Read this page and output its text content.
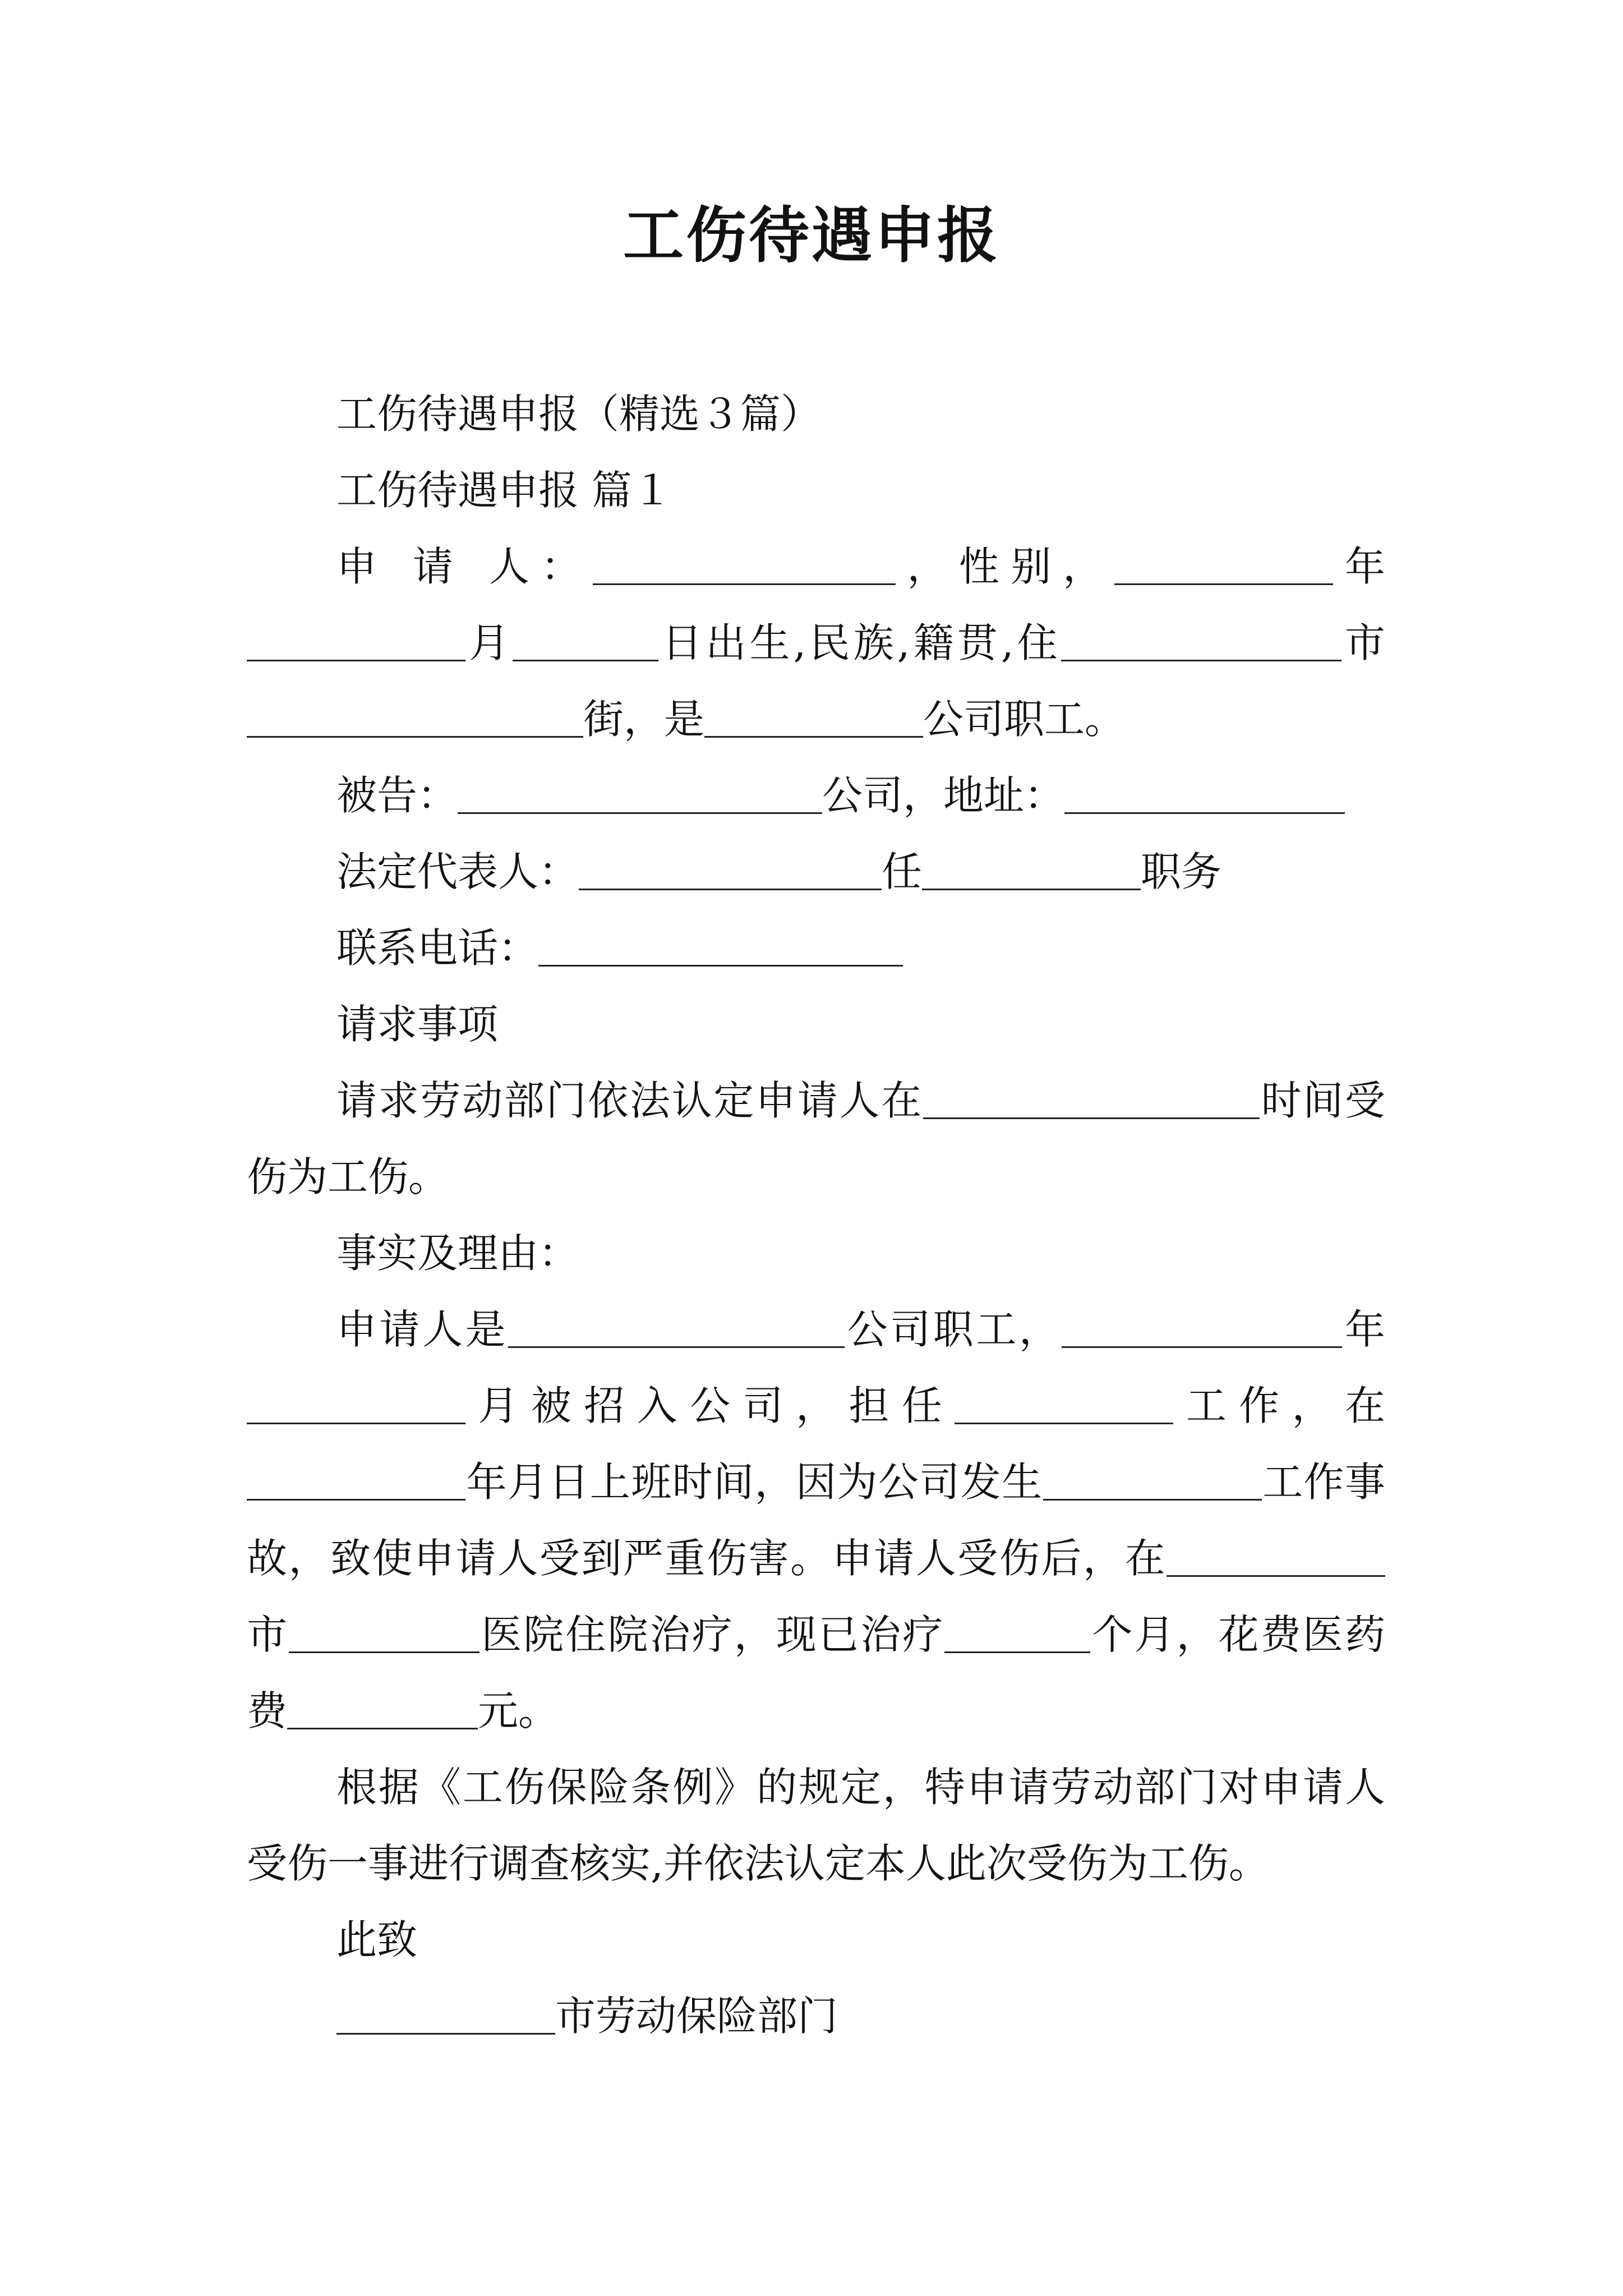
工伤待遇申报

工伤待遇申报（精选３篇）

工伤待遇申报 篇１

申 请 人：	，性别，	年月	日出生,民族,籍贯,住	市街，是	公司职工。

被告：	公司，地址：

法定代表人：	任	职务

联系电话：

请求事项

请求劳动部门依法认定申请人在	时间受伤为工伤。

事实及理由：

申请人是	公司职工，	年月被招入公司，担任	工作，在年月日上班时间，因为公司发生	工作事故，致使申请人受到严重伤害。申请人受伤后，在市	医院住院治疗，现已治疗	个月，花费医药费	元。

根据《工伤保险条例》的规定，特申请劳动部门对申请人受伤一事进行调查核实,并依法认定本人此次受伤为工伤。

此致

市劳动保险部门
